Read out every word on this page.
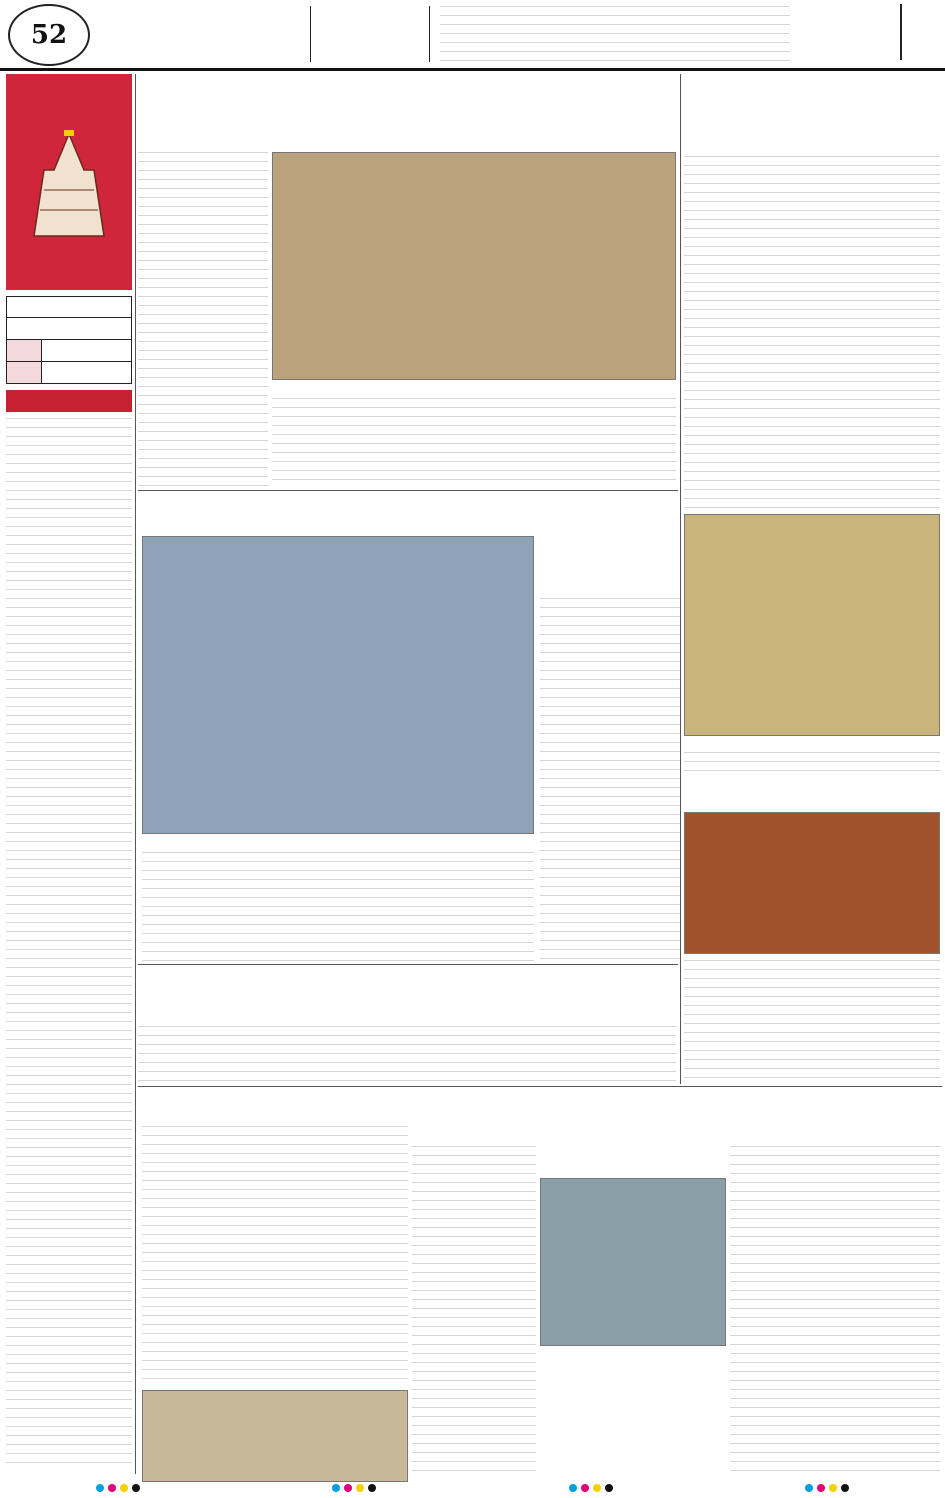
52
